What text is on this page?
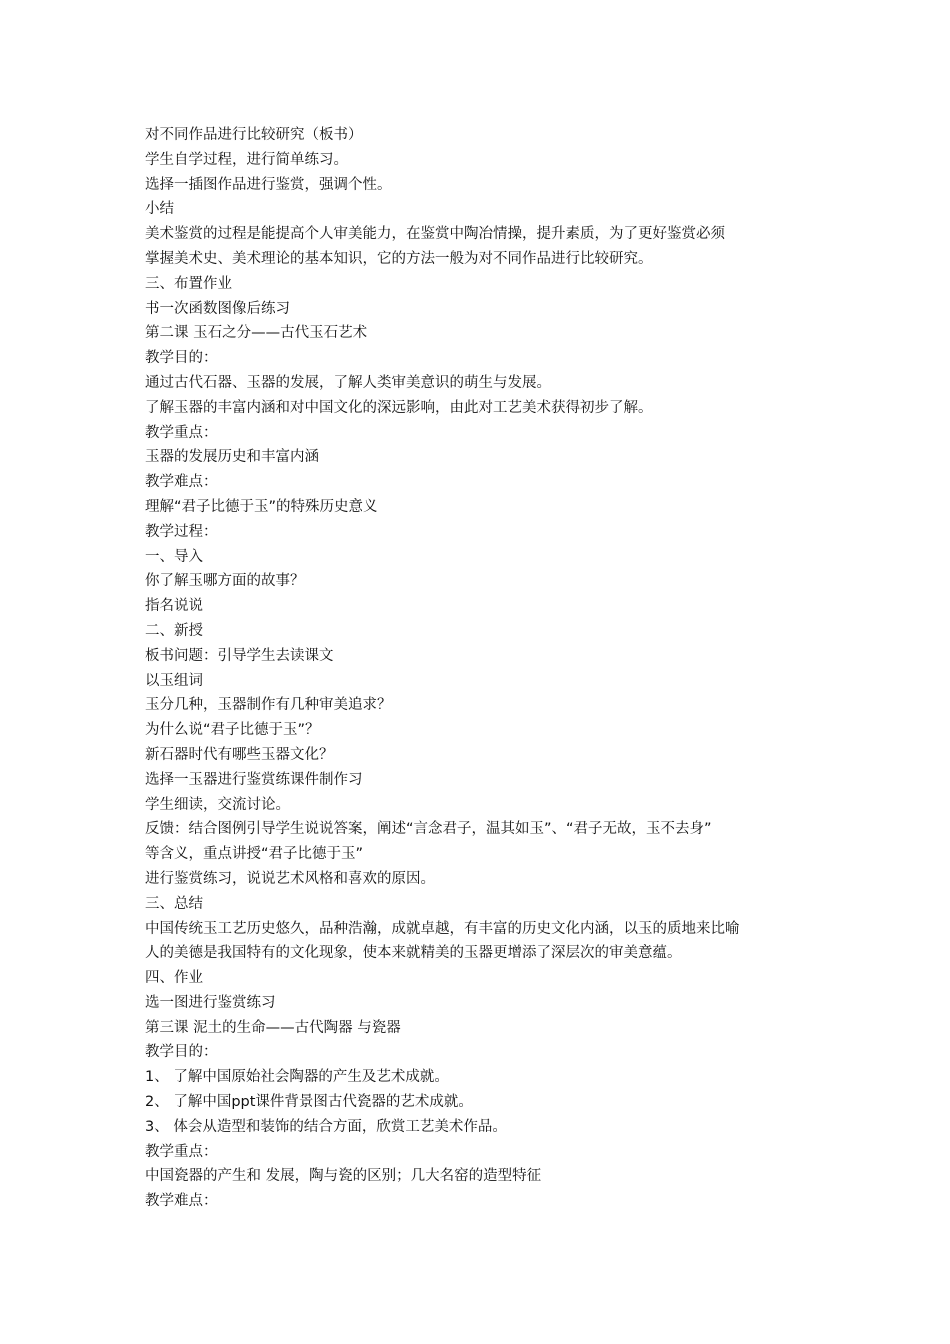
对不同作品进行比较研究（板书）

学生自学过程，进行简单练习。

选择一插图作品进行鉴赏，强调个性。

小结

美术鉴赏的过程是能提高个人审美能力，在鉴赏中陶冶情操，提升素质，为了更好鉴赏必须

掌握美术史、美术理论的基本知识，它的方法一般为对不同作品进行比较研究。

三、布置作业

书一次函数图像后练习

第二课 玉石之分——古代玉石艺术

教学目的：

通过古代石器、玉器的发展，了解人类审美意识的萌生与发展。

了解玉器的丰富内涵和对中国文化的深远影响，由此对工艺美术获得初步了解。

教学重点：

玉器的发展历史和丰富内涵

教学难点：

理解“君子比德于玉”的特殊历史意义

教学过程：

一、导入

你了解玉哪方面的故事？

指名说说

二、新授

板书问题：引导学生去读课文

以玉组词

玉分几种，玉器制作有几种审美追求？

为什么说“君子比德于玉”？

新石器时代有哪些玉器文化？

选择一玉器进行鉴赏练课件制作习

学生细读，交流讨论。

反馈：结合图例引导学生说说答案，阐述“言念君子，温其如玉”、“君子无故，玉不去身”

等含义，重点讲授“君子比德于玉”

进行鉴赏练习，说说艺术风格和喜欢的原因。

三、总结

中国传统玉工艺历史悠久，品种浩瀚，成就卓越，有丰富的历史文化内涵，以玉的质地来比喻

人的美德是我国特有的文化现象，使本来就精美的玉器更增添了深层次的审美意蕴。

四、作业

选一图进行鉴赏练习

第三课 泥土的生命——古代陶器 与瓷器

教学目的：

1、 了解中国原始社会陶器的产生及艺术成就。

2、 了解中国ppt课件背景图古代瓷器的艺术成就。

3、 体会从造型和装饰的结合方面，欣赏工艺美术作品。

教学重点：

中国瓷器的产生和 发展，陶与瓷的区别；几大名窑的造型特征

教学难点：
